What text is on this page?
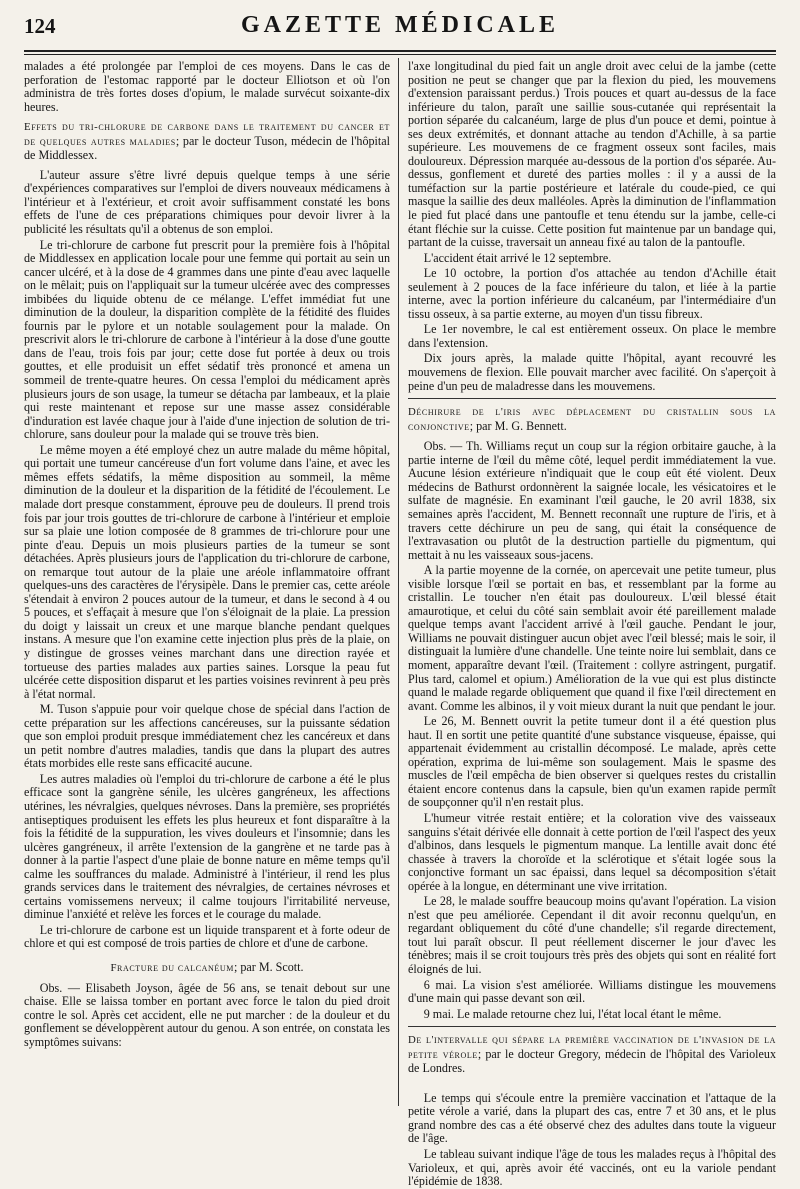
124	GAZETTE MÉDICALE

malades a été prolongée par l'emploi de ces moyens. Dans le cas de perforation de l'estomac rapporté par le docteur Elliotson et où l'on administra de très fortes doses d'opium, le malade survécut soixante-dix heures.

Effets du tri-chlorure de carbone dans le traitement du cancer et de quelques autres maladies; par le docteur Tuson, médecin de l'hôpital de Middlessex.

L'auteur assure s'être livré depuis quelque temps à une série d'expériences comparatives sur l'emploi de divers nouveaux médicamens à l'intérieur et à l'extérieur, et croit avoir suffisamment constaté les bons effets de l'une de ces préparations chimiques pour devoir livrer à la publicité les résultats qu'il a obtenus de son emploi.

Le tri-chlorure de carbone fut prescrit pour la première fois à l'hôpital de Middlessex en application locale pour une femme qui portait au sein un cancer ulcéré, et à la dose de 4 grammes dans une pinte d'eau avec laquelle on le mêlait; puis on l'appliquait sur la tumeur ulcérée avec des compresses imbibées du liquide obtenu de ce mélange. L'effet immédiat fut une diminution de la douleur, la disparition complète de la fétidité des fluides fournis par le pylore et un notable soulagement pour la malade. On prescrivit alors le tri-chlorure de carbone à l'intérieur à la dose d'une goutte dans de l'eau, trois fois par jour; cette dose fut portée à deux ou trois gouttes, et elle produisit un effet sédatif très prononcé et amena un sommeil de trente-quatre heures. On cessa l'emploi du médicament après plusieurs jours de son usage, la tumeur se détacha par lambeaux, et la plaie qui reste maintenant et repose sur une masse assez considérable d'induration est lavée chaque jour à l'aide d'une injection de solution de tri-chlorure, sans douleur pour la malade qui se trouve très bien.

Le même moyen a été employé chez un autre malade du même hôpital, qui portait une tumeur cancéreuse d'un fort volume dans l'aine, et avec les mêmes effets sédatifs, la même disposition au sommeil, la même diminution de la douleur et la disparition de la fétidité de l'écoulement. Le malade dort presque constamment, éprouve peu de douleurs. Il prend trois fois par jour trois gouttes de tri-chlorure de carbone à l'intérieur et emploie sur sa plaie une lotion composée de 8 grammes de tri-chlorure pour une pinte d'eau. Depuis un mois plusieurs parties de la tumeur se sont détachées. Après plusieurs jours de l'application du tri-chlorure de carbone, on remarque tout autour de la plaie une aréole inflammatoire offrant quelques-uns des caractères de l'érysipèle. Dans le premier cas, cette aréole s'étendait à environ 2 pouces autour de la tumeur, et dans le second à 4 ou 5 pouces, et s'effaçait à mesure que l'on s'éloignait de la plaie. La pression du doigt y laissait un creux et une marque blanche pendant quelques instans. A mesure que l'on examine cette injection plus près de la plaie, on y distingue de grosses veines marchant dans une direction rayée et tortueuse des parties malades aux parties saines. Lorsque la peau fut ulcérée cette disposition disparut et les parties voisines revinrent à peu près à l'état normal.

M. Tuson s'appuie pour voir quelque chose de spécial dans l'action de cette préparation sur les affections cancéreuses, sur la puissante sédation que son emploi produit presque immédiatement chez les cancéreux et dans un petit nombre d'autres maladies, tandis que dans la plupart des autres états morbides elle reste sans efficacité aucune.

Les autres maladies où l'emploi du tri-chlorure de carbone a été le plus efficace sont la gangrène sénile, les ulcères gangréneux, les affections utérines, les névralgies, quelques névroses. Dans la première, ses propriétés antiseptiques produisent les effets les plus heureux et font disparaître à la fois la fétidité de la suppuration, les vives douleurs et l'insomnie; dans les ulcères gangréneux, il arrête l'extension de la gangrène et ne tarde pas à donner à la partie l'aspect d'une plaie de bonne nature en même temps qu'il calme les souffrances du malade. Administré à l'intérieur, il rend les plus grands services dans le traitement des névralgies, de certaines névroses et certains vomissemens nerveux; il calme toujours l'irritabilité nerveuse, diminue l'anxiété et relève les forces et le courage du malade.

Le tri-chlorure de carbone est un liquide transparent et à forte odeur de chlore et qui est composé de trois parties de chlore et d'une de carbone.

Fracture du calcanéum; par M. Scott.

Obs. — Elisabeth Joyson, âgée de 56 ans, se tenait debout sur une chaise. Elle se laissa tomber en portant avec force le talon du pied droit contre le sol. Après cet accident, elle ne put marcher : de la douleur et du gonflement se développèrent autour du genou. A son entrée, on constata les symptômes suivans:

l'axe longitudinal du pied fait un angle droit avec celui de la jambe (cette position ne peut se changer que par la flexion du pied, les mouvemens d'extension paraissant perdus.) Trois pouces et quart au-dessus de la face inférieure du talon, paraît une saillie sous-cutanée qui représentait la portion séparée du calcanéum, large de plus d'un pouce et demi, pointue à ses deux extrémités, et donnant attache au tendon d'Achille, à sa partie supérieure. Les mouvemens de ce fragment osseux sont faciles, mais douloureux. Dépression marquée au-dessous de la portion d'os séparée. Au-dessus, gonflement et dureté des parties molles : il y a aussi de la tuméfaction sur la partie postérieure et latérale du coude-pied, ce qui masque la saillie des deux malléoles. Après la diminution de l'inflammation le pied fut placé dans une pantoufle et tenu étendu sur la jambe, celle-ci étant fléchie sur la cuisse. Cette position fut maintenue par un bandage qui, partant de la cuisse, traversait un anneau fixé au talon de la pantoufle.

L'accident était arrivé le 12 septembre.

Le 10 octobre, la portion d'os attachée au tendon d'Achille était seulement à 2 pouces de la face inférieure du talon, et liée à la partie interne, avec la portion inférieure du calcanéum, par l'intermédiaire d'un tissu osseux, à sa partie externe, au moyen d'un tissu fibreux.

Le 1er novembre, le cal est entièrement osseux. On place le membre dans l'extension.

Dix jours après, la malade quitte l'hôpital, ayant recouvré les mouvemens de flexion. Elle pouvait marcher avec facilité. On s'aperçoit à peine d'un peu de maladresse dans les mouvemens.

Déchirure de l'iris avec déplacement du cristallin sous la conjonctive; par M. G. Bennett.

Obs. — Th. Williams reçut un coup sur la région orbitaire gauche, à la partie interne de l'œil du même côté, lequel perdit immédiatement la vue. Aucune lésion extérieure n'indiquait que le coup eût été violent. Deux médecins de Bathurst ordonnèrent la saignée locale, les vésicatoires et le sulfate de magnésie. En examinant l'œil gauche, le 20 avril 1838, six semaines après l'accident, M. Bennett reconnaît une rupture de l'iris, et à travers cette déchirure un peu de sang, qui était la conséquence de l'extravasation ou plutôt de la destruction partielle du pigmentum, qui mettait à nu les vaisseaux sous-jacens.

A la partie moyenne de la cornée, on apercevait une petite tumeur, plus visible lorsque l'œil se portait en bas, et ressemblant par la forme au cristallin. Le toucher n'en était pas douloureux. L'œil blessé était amaurotique, et celui du côté sain semblait avoir été pareillement malade quelque temps avant l'accident arrivé à l'œil gauche. Pendant le jour, Williams ne pouvait distinguer aucun objet avec l'œil blessé; mais le soir, il distinguait la lumière d'une chandelle. Une teinte noire lui semblait, dans ce moment, apparaître devant l'œil. (Traitement : collyre astringent, purgatif. Plus tard, calomel et opium.) Amélioration de la vue qui est plus distincte quand le malade regarde obliquement que quand il fixe l'œil directement en avant. Comme les albinos, il y voit mieux durant la nuit que pendant le jour.

Le 26, M. Bennett ouvrit la petite tumeur dont il a été question plus haut. Il en sortit une petite quantité d'une substance visqueuse, épaisse, qui appartenait évidemment au cristallin décomposé. Le malade, après cette opération, exprima de lui-même son soulagement. Mais le spasme des muscles de l'œil empêcha de bien observer si quelques restes du cristallin étaient encore contenus dans la capsule, bien qu'un examen rapide permît de soupçonner qu'il n'en restait plus.

L'humeur vitrée restait entière; et la coloration vive des vaisseaux sanguins s'était dérivée elle donnait à cette portion de l'œil l'aspect des yeux d'albinos, dans lesquels le pigmentum manque. La lentille avait donc été chassée à travers la choroïde et la sclérotique et s'était logée sous la conjonctive formant un sac épaissi, dans lequel sa décomposition s'était opérée à la longue, en déterminant une vive irritation.

Le 28, le malade souffre beaucoup moins qu'avant l'opération. La vision n'est que peu améliorée. Cependant il dit avoir reconnu quelqu'un, en regardant obliquement du côté d'une chandelle; s'il regarde directement, tout lui paraît obscur. Il peut réellement discerner le jour d'avec les ténèbres; mais il se croit toujours très près des objets qui sont en réalité fort éloignés de lui.

6 mai. La vision s'est améliorée. Williams distingue les mouvemens d'une main qui passe devant son œil.

9 mai. Le malade retourne chez lui, l'état local étant le même.

De l'intervalle qui sépare la première vaccination de l'invasion de la petite vérole; par le docteur Gregory, médecin de l'hôpital des Varioleux de Londres.

Le temps qui s'écoule entre la première vaccination et l'attaque de la petite vérole a varié, dans la plupart des cas, entre 7 et 30 ans, et le plus grand nombre des cas a été observé chez des adultes dans toute la vigueur de l'âge.

Le tableau suivant indique l'âge de tous les malades reçus à l'hôpital des Varioleux, et qui, après avoir été vaccinés, ont eu la variole pendant l'épidémie de 1838.
